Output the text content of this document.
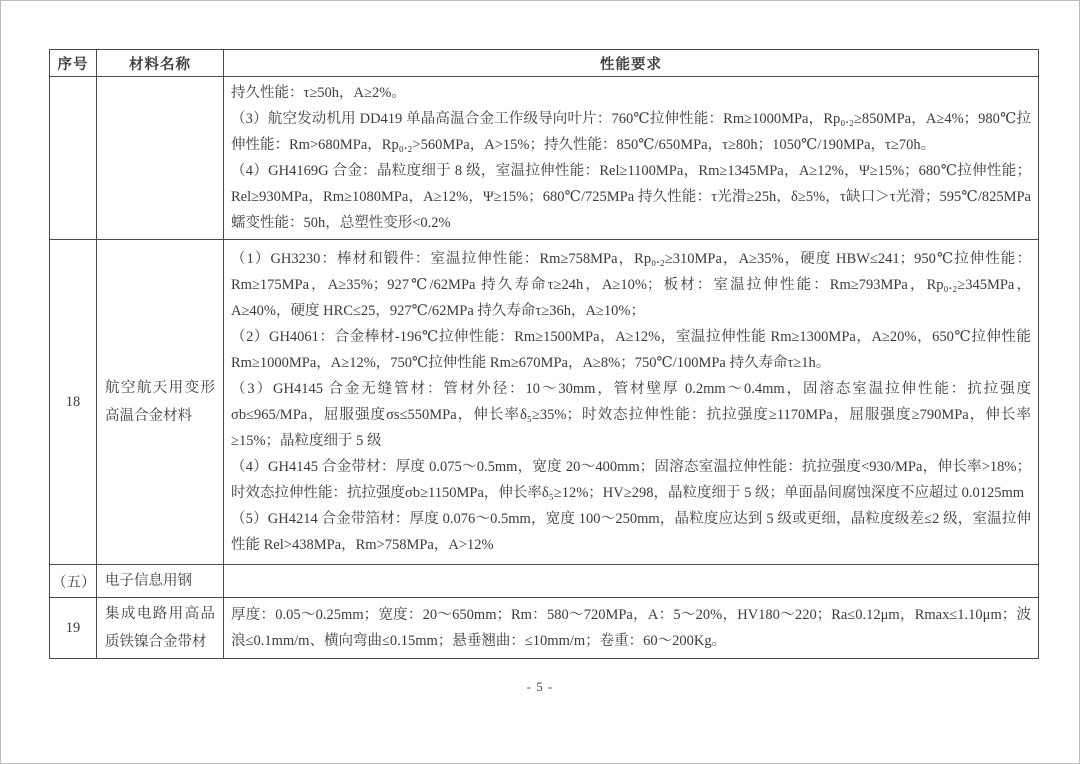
序号	材料名称	性能要求

		持久性能：τ≥50h，A≥2%。

（3）航空发动机用 DD419 单晶高温合金工作级导向叶片：760℃拉伸性能：Rm≥1000MPa，Rp₀.₂≥850MPa，A≥4%；980℃拉伸性能：Rm>680MPa，Rp₀.₂>560MPa，A>15%；持久性能：850℃/650MPa，τ≥80h；1050℃/190MPa，τ≥70h。

（4）GH4169G 合金：晶粒度细于 8 级，室温拉伸性能：Rel≥1100MPa，Rm≥1345MPa，A≥12%，Ψ≥15%；680℃拉伸性能；Rel≥930MPa，Rm≥1080MPa，A≥12%，Ψ≥15%；680℃/725MPa 持久性能：τ光滑≥25h，δ≥5%，τ缺口＞τ光滑；595℃/825MPa 蠕变性能：50h，总塑性变形<0.2%

18	航空航天用变形高温合金材料	（1）GH3230：棒材和锻件：室温拉伸性能：Rm≥758MPa，Rp₀.₂≥310MPa，A≥35%，硬度 HBW≤241；950℃拉伸性能：Rm≥175MPa，A≥35%；927℃/62MPa 持久寿命τ≥24h，A≥10%；板材：室温拉伸性能：Rm≥793MPa，Rp₀.₂≥345MPa，A≥40%，硬度 HRC≤25，927℃/62MPa 持久寿命τ≥36h，A≥10%；

（2）GH4061：合金棒材-196℃拉伸性能：Rm≥1500MPa，A≥12%，室温拉伸性能 Rm≥1300MPa，A≥20%，650℃拉伸性能 Rm≥1000MPa，A≥12%，750℃拉伸性能 Rm≥670MPa，A≥8%；750℃/100MPa 持久寿命τ≥1h。

（3）GH4145 合金无缝管材：管材外径：10～30mm，管材壁厚 0.2mm～0.4mm，固溶态室温拉伸性能：抗拉强度σb≤965/MPa，屈服强度σs≤550MPa，伸长率δ₅≥35%；时效态拉伸性能：抗拉强度≥1170MPa，屈服强度≥790MPa，伸长率≥15%；晶粒度细于 5 级

（4）GH4145 合金带材：厚度 0.075～0.5mm，宽度 20～400mm；固溶态室温拉伸性能：抗拉强度<930/MPa，伸长率>18%；时效态拉伸性能：抗拉强度σb≥1150MPa，伸长率δ₅≥12%；HV≥298，晶粒度细于 5 级；单面晶间腐蚀深度不应超过 0.0125mm

（5）GH4214 合金带箔材：厚度 0.076～0.5mm，宽度 100～250mm，晶粒度应达到 5 级或更细，晶粒度级差≤2 级，室温拉伸性能 Rel>438MPa，Rm>758MPa，A>12%

（五）	电子信息用钢	
19	集成电路用高品质铁镍合金带材	厚度：0.05～0.25mm；宽度：20～650mm；Rm：580～720MPa，A：5～20%，HV180～220；Ra≤0.12μm，Rmax≤1.10μm；波浪≤0.1mm/m、横向弯曲≤0.15mm；悬垂翘曲：≤10mm/m；卷重：60～200Kg。

- 5 -
